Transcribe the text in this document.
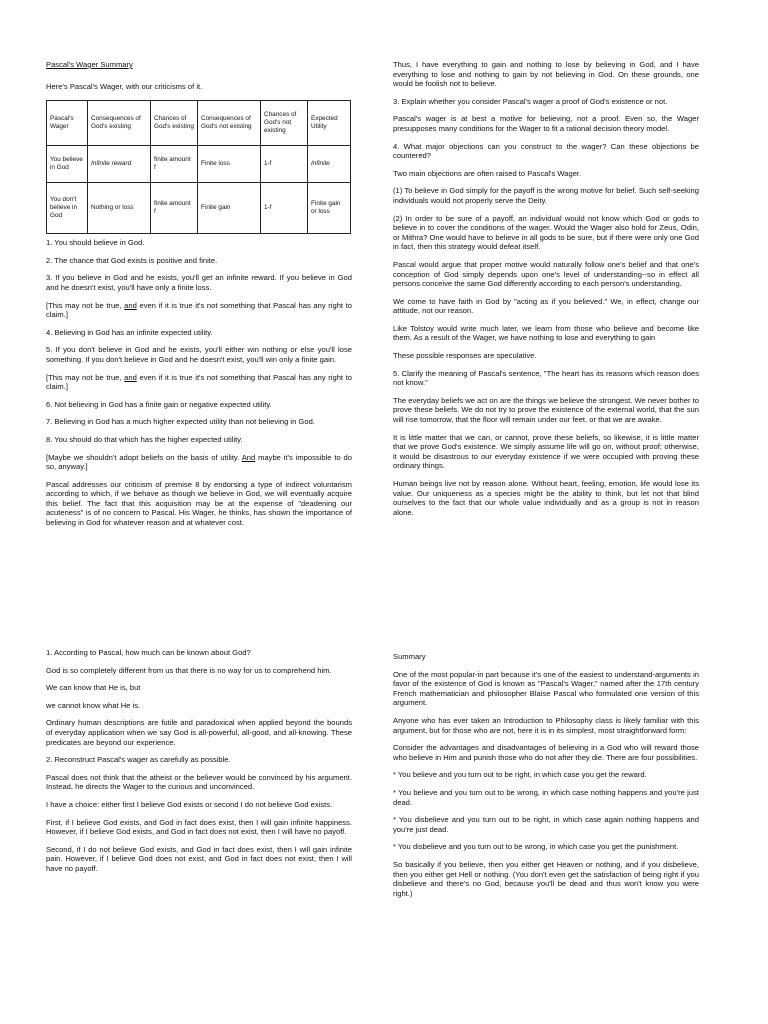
Pascal's Wager Summary

Here's Pascal's Wager, with our criticisms of it.

Pascal's Wager	Consequences of God's existing	Chances of God's existing	Consequences of God's not existing	Chances of God's not existing	Expected Utility
You believe in God	Infinite reward	finite amount f	Finite loss	1-f	Infinite
You don't believe in God	Nothing or loss	finite amount f	Finite gain	1-f	Finite gain or loss

1. You should believe in God.

2. The chance that God exists is positive and finite.

3. If you believe in God and he exists, you'll get an infinite reward. If you believe in God and he doesn't exist, you'll have only a finite loss.

[This may not be true, and even if it is true it's not something that Pascal has any right to claim.]

4. Believing in God has an infinite expected utility.

5. If you don't believe in God and he exists, you'll either win nothing or else you'll lose something. If you don't believe in God and he doesn't exist, you'll win only a finite gain.

[This may not be true, and even if it is true it's not something that Pascal has any right to claim.]

6. Not believing in God has a finite gain or negative expected utility.

7. Believing in God has a much higher expected utility than not believing in God.

8. You should do that which has the higher expected utility.

[Maybe we shouldn't adopt beliefs on the basis of utility. And maybe it's impossible to do so, anyway.]

Pascal addresses our criticism of premise 8 by endorsing a type of indirect voluntarism according to which, if we behave as though we believe in God, we will eventually acquire this belief. The fact that this acquisition may be at the expense of "deadening our acuteness" is of no concern to Pascal. His Wager, he thinks, has shown the importance of believing in God for whatever reason and at whatever cost.

1. According to Pascal, how much can be known about God?

God is so completely different from us that there is no way for us to comprehend him.

We can know that He is, but

we cannot know what He is.

Ordinary human descriptions are futile and paradoxical when applied beyond the bounds of everyday application when we say God is all-powerful, all-good, and all-knowing. These predicates are beyond our experience.

2. Reconstruct Pascal's wager as carefully as possible.

Pascal does not think that the atheist or the believer would be convinced by his argument. Instead, he directs the Wager to the curious and unconvinced.

I have a choice: either first I believe God exists or second I do not believe God exists.

First, if I believe God exists, and God in fact does exist, then I will gain infinite happiness. However, if I believe God exists, and God in fact does not exist, then I will have no payoff.

Second, if I do not believe God exists, and God in fact does exist, then I will gain infinite pain. However, if I believe God does not exist, and God in fact does not exist, then I will have no payoff.

Thus, I have everything to gain and nothing to lose by believing in God, and I have everything to lose and nothing to gain by not believing in God. On these grounds, one would be foolish not to believe.

3. Explain whether you consider Pascal's wager a proof of God's existence or not.

Pascal's wager is at best a motive for believing, not a proof. Even so, the Wager presupposes many conditions for the Wager to fit a rational decision theory model.

4. What major objections can you construct to the wager? Can these objections be countered?

Two main objections are often raised to Pascal's Wager.

(1) To believe in God simply for the payoff is the wrong motive for belief. Such self-seeking individuals would not properly serve the Deity.

(2) In order to be sure of a payoff, an individual would not know which God or gods to believe in to cover the conditions of the wager. Would the Wager also hold for Zeus, Odin, or Mithra? One would have to believe in all gods to be sure, but if there were only one God in fact, then this strategy would defeat itself.

Pascal would argue that proper motive would naturally follow one's belief and that one's conception of God simply depends upon one's level of understanding--so in effect all persons conceive the same God differently according to each person's understanding.

We come to have faith in God by "acting as if you believed." We, in effect, change our attitude, not our reason.

Like Tolstoy would write much later, we learn from those who believe and become like them. As a result of the Wager, we have nothing to lose and everything to gain

These possible responses are speculative.

5. Clarify the meaning of Pascal's sentence, "The heart has its reasons which reason does not know."

The everyday beliefs we act on are the things we believe the strongest. We never bother to prove these beliefs. We do not try to prove the existence of the external world, that the sun will rise tomorrow, that the floor will remain under our feet, or that we are awake.

It is little matter that we can, or cannot, prove these beliefs, so likewise, it is little matter that we prove God's existence. We simply assume life will go on, without proof; otherwise, it would be disastrous to our everyday existence if we were occupied with proving these ordinary things.

Human beings live not by reason alone. Without heart, feeling, emotion, life would lose its value. Our uniqueness as a species might be the ability to think, but let not that blind ourselves to the fact that our whole value individually and as a group is not in reason alone.

Summary

One of the most popular-in part because it's one of the easiest to understand-arguments in favor of the existence of God is known as "Pascal's Wager," named after the 17th century French mathematician and philosopher Blaise Pascal who formulated one version of this argument.

Anyone who has ever taken an Introduction to Philosophy class is likely familiar with this argument, but for those who are not, here it is in its simplest, most straightforward form:

Consider the advantages and disadvantages of believing in a God who will reward those who believe in Him and punish those who do not after they die. There are four possibilities.

* You believe and you turn out to be right, in which case you get the reward.

* You believe and you turn out to be wrong, in which case nothing happens and you're just dead.

* You disbelieve and you turn out to be right, in which case again nothing happens and you're just dead.

* You disbelieve and you turn out to be wrong, in which case you get the punishment.

So basically if you believe, then you either get Heaven or nothing, and if you disbelieve, then you either get Hell or nothing. (You don't even get the satisfaction of being right if you disbelieve and there's no God, because you'll be dead and thus won't know you were right.)
